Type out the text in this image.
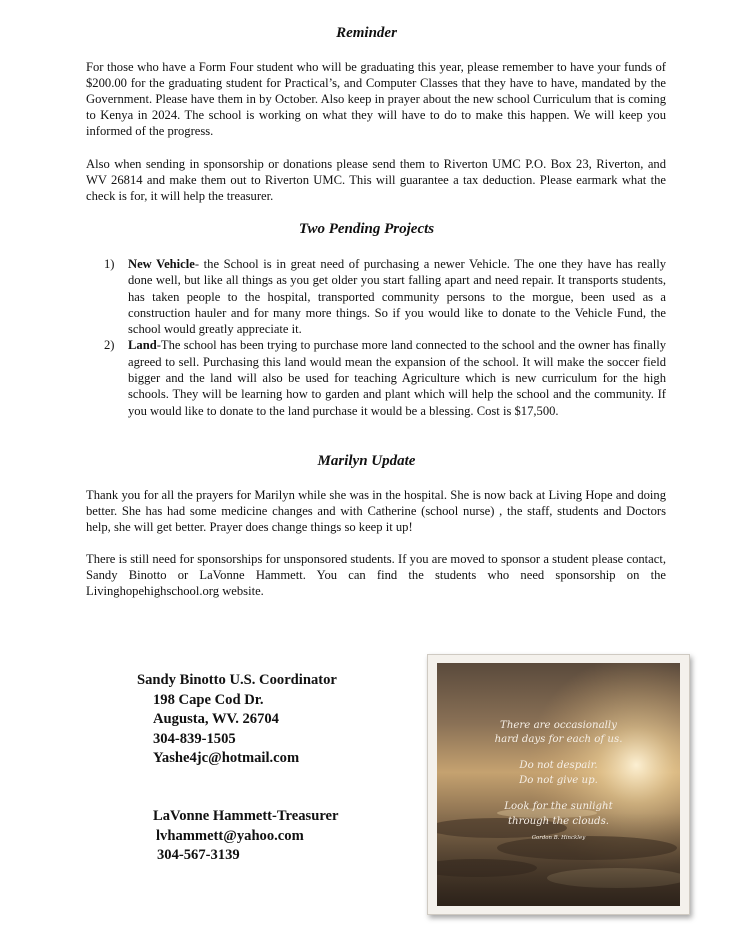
Reminder

For those who have a Form Four student who will be graduating this year, please remember to have your funds of $200.00 for the graduating student for Practical’s, and Computer Classes that they have to have, mandated by the Government. Please have them in by October. Also keep in prayer about the new school Curriculum that is coming to Kenya in 2024. The school is working on what they will have to do to make this happen. We will keep you informed of the progress.

Also when sending in sponsorship or donations please send them to Riverton UMC P.O. Box 23, Riverton, and WV 26814 and make them out to Riverton UMC. This will guarantee a tax deduction. Please earmark what the check is for, it will help the treasurer.

Two Pending Projects
1) New Vehicle- the School is in great need of purchasing a newer Vehicle. The one they have has really done well, but like all things as you get older you start falling apart and need repair. It transports students, has taken people to the hospital, transported community persons to the morgue, been used as a construction hauler and for many more things. So if you would like to donate to the Vehicle Fund, the school would greatly appreciate it.
2) Land-The school has been trying to purchase more land connected to the school and the owner has finally agreed to sell. Purchasing this land would mean the expansion of the school. It will make the soccer field bigger and the land will also be used for teaching Agriculture which is new curriculum for the high schools. They will be learning how to garden and plant which will help the school and the community. If you would like to donate to the land purchase it would be a blessing. Cost is $17,500.
Marilyn Update

Thank you for all the prayers for Marilyn while she was in the hospital. She is now back at Living Hope and doing better. She has had some medicine changes and with Catherine (school nurse) , the staff, students and Doctors help, she will get better. Prayer does change things so keep it up!

There is still need for sponsorships for unsponsored students. If you are moved to sponsor a student please contact, Sandy Binotto or LaVonne Hammett. You can find the students who need sponsorship on the Livinghopehighschool.org website.

Sandy Binotto U.S. Coordinator
198 Cape Cod Dr.
Augusta, WV. 26704
304-839-1505
Yashe4jc@hotmail.com
LaVonne Hammett-Treasurer
lvhammett@yahoo.com
304-567-3139
There are occasionally
hard days for each of us.
Do not despair.
Do not give up.
Look for the sunlight
through the clouds.
Gordon B. Hinckley
